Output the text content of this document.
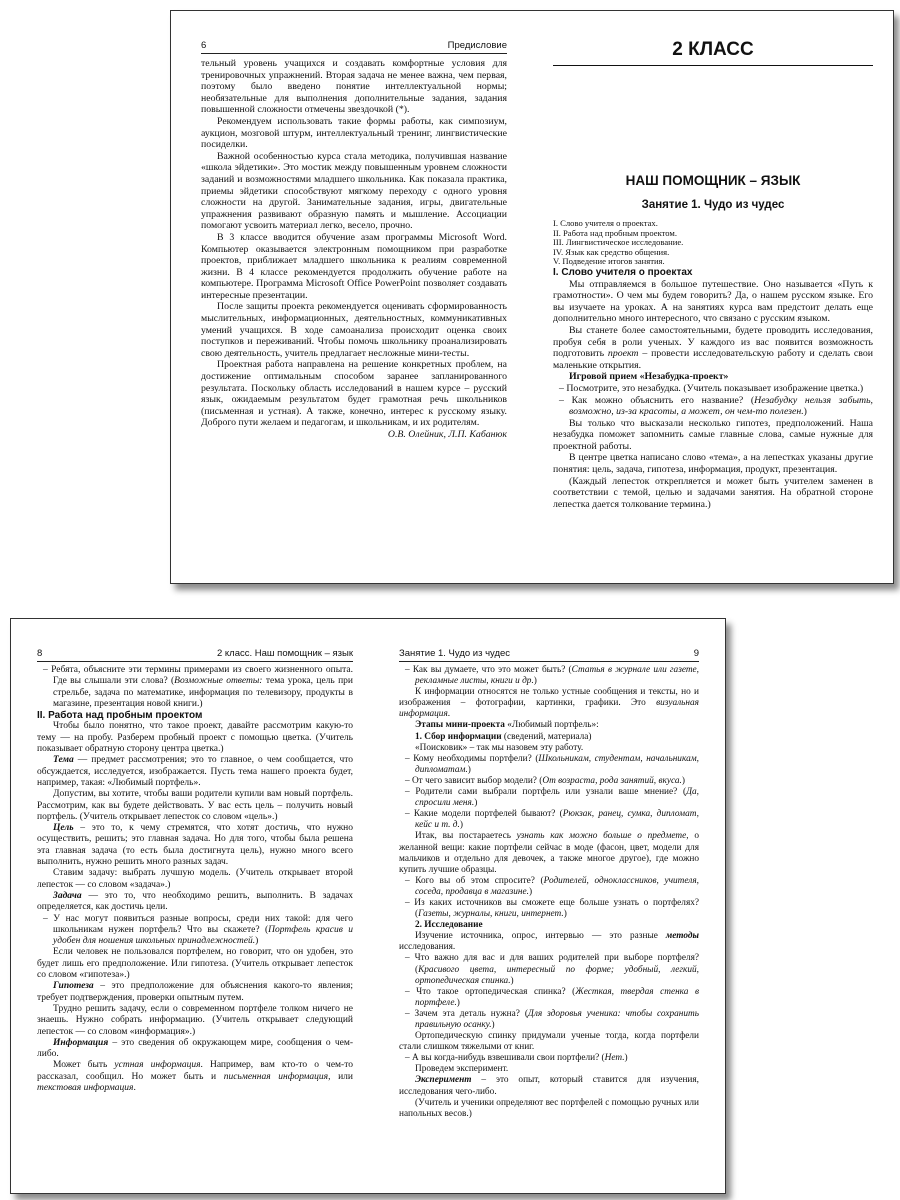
6	Предисловие

тельный уровень учащихся и создавать комфортные условия для тренировочных упражнений. Вторая задача не менее важна, чем первая, поэтому было введено понятие интеллектуальной нормы; необязательные для выполнения дополнительные задания, задания повышенной сложности отмечены звездочкой (*).

Рекомендуем использовать такие формы работы, как симпозиум, аукцион, мозговой штурм, интеллектуальный тренинг, лингвистические посиделки.

Важной особенностью курса стала методика, получившая название «школа эйдетики». Это мостик между повышенным уровнем сложности заданий и возможностями младшего школьника. Как показала практика, приемы эйдетики способствуют мягкому переходу с одного уровня сложности на другой. Занимательные задания, игры, двигательные упражнения развивают образную память и мышление. Ассоциации помогают усвоить материал легко, весело, прочно.

В 3 классе вводится обучение азам программы Microsoft Word. Компьютер оказывается электронным помощником при разработке проектов, приближает младшего школьника к реалиям современной жизни. В 4 классе рекомендуется продолжить обучение работе на компьютере. Программа Microsoft Office PowerPoint позволяет создавать интересные презентации.

После защиты проекта рекомендуется оценивать сформированность мыслительных, информационных, деятельностных, коммуникативных умений учащихся. В ходе самоанализа происходит оценка своих поступков и переживаний. Чтобы помочь школьнику проанализировать свою деятельность, учитель предлагает несложные мини-тесты.

Проектная работа направлена на решение конкретных проблем, на достижение оптимальным способом заранее запланированного результата. Поскольку область исследований в нашем курсе – русский язык, ожидаемым результатом будет грамотная речь школьников (письменная и устная). А также, конечно, интерес к русскому языку. Доброго пути желаем и педагогам, и школьникам, и их родителям.

О.В. Олейник, Л.П. Кабанюк

2 КЛАСС
НАШ ПОМОЩНИК – ЯЗЫК
Занятие 1. Чудо из чудес

I. Слово учителя о проектах.

II. Работа над пробным проектом.

III. Лингвистическое исследование.

IV. Язык как средство общения.

V. Подведение итогов занятия.

I. Слово учителя о проектах

Мы отправляемся в большое путешествие. Оно называется «Путь к грамотности». О чем мы будем говорить? Да, о нашем русском языке. Его вы изучаете на уроках. А на занятиях курса вам предстоит делать еще дополнительно много интересного, что связано с русским языком.

Вы станете более самостоятельными, будете проводить исследования, пробуя себя в роли ученых. У каждого из вас появится возможность подготовить проект – провести исследовательскую работу и сделать свои маленькие открытия.

Игровой прием «Незабудка-проект»

– Посмотрите, это незабудка. (Учитель показывает изображение цветка.)

– Как можно объяснить его название? (Незабудку нельзя забыть, возможно, из-за красоты, а может, он чем-то полезен.)

Вы только что высказали несколько гипотез, предположений. Наша незабудка поможет запомнить самые главные слова, самые нужные для проектной работы.

В центре цветка написано слово «тема», а на лепестках указаны другие понятия: цель, задача, гипотеза, информация, продукт, презентация.

(Каждый лепесток открепляется и может быть учителем заменен в соответствии с темой, целью и задачами занятия. На обратной стороне лепестка дается толкование термина.)

8	2 класс. Наш помощник – язык

– Ребята, объясните эти термины примерами из своего жизненного опыта. Где вы слышали эти слова? (Возможные ответы: тема урока, цель при стрельбе, задача по математике, информация по телевизору, продукты в магазине, презентация новой книги.)

II. Работа над пробным проектом

Чтобы было понятно, что такое проект, давайте рассмотрим какую-то тему — на пробу. Разберем пробный проект с помощью цветка. (Учитель показывает обратную сторону центра цветка.)

Тема — предмет рассмотрения; это то главное, о чем сообщается, что обсуждается, исследуется, изображается. Пусть тема нашего проекта будет, например, такая: «Любимый портфель».

Допустим, вы хотите, чтобы ваши родители купили вам новый портфель. Рассмотрим, как вы будете действовать. У вас есть цель – получить новый портфель. (Учитель открывает лепесток со словом «цель».)

Цель – это то, к чему стремятся, что хотят достичь, что нужно осуществить, решить; это главная задача. Но для того, чтобы была решена эта главная задача (то есть была достигнута цель), нужно много всего выполнить, нужно решить много разных задач.

Ставим задачу: выбрать лучшую модель. (Учитель открывает второй лепесток — со словом «задача».)

Задача — это то, что необходимо решить, выполнить. В задачах определяется, как достичь цели.

– У нас могут появиться разные вопросы, среди них такой: для чего школьникам нужен портфель? Что вы скажете? (Портфель красив и удобен для ношения школьных принадлежностей.)

Если человек не пользовался портфелем, но говорит, что он удобен, это будет лишь его предположение. Или гипотеза. (Учитель открывает лепесток со словом «гипотеза».)

Гипотеза – это предположение для объяснения какого-то явления; требует подтверждения, проверки опытным путем.

Трудно решить задачу, если о современном портфеле толком ничего не знаешь. Нужно собрать информацию. (Учитель открывает следующий лепесток — со словом «информация».)

Информация – это сведения об окружающем мире, сообщения о чем-либо.

Может быть устная информация. Например, вам кто-то о чем-то рассказал, сообщил. Но может быть и письменная информация, или текстовая информация.

Занятие 1. Чудо из чудес	9

– Как вы думаете, что это может быть? (Статья в журнале или газете, рекламные листы, книги и др.)

К информации относятся не только устные сообщения и тексты, но и изображения – фотографии, картинки, графики. Это визуальная информация.

Этапы мини-проекта «Любимый портфель»:

1. Сбор информации (сведений, материала)

«Поисковик» – так мы назовем эту работу.

– Кому необходимы портфели? (Школьникам, студентам, начальникам, дипломатам.)

– От чего зависит выбор модели? (От возраста, рода занятий, вкуса.)

– Родители сами выбрали портфель или узнали ваше мнение? (Да, спросили меня.)

– Какие модели портфелей бывают? (Рюкзак, ранец, сумка, дипломат, кейс и т. д.)

Итак, вы постараетесь узнать как можно больше о предмете, о желанной вещи: какие портфели сейчас в моде (фасон, цвет, модели для мальчиков и отдельно для девочек, а также многое другое), где можно купить лучшие образцы.

– Кого вы об этом спросите? (Родителей, одноклассников, учителя, соседа, продавца в магазине.)

– Из каких источников вы сможете еще больше узнать о портфелях? (Газеты, журналы, книги, интернет.)

2. Исследование

Изучение источника, опрос, интервью — это разные методы исследования.

– Что важно для вас и для ваших родителей при выборе портфеля? (Красивого цвета, интересный по форме; удобный, легкий, ортопедическая спинка.)

– Что такое ортопедическая спинка? (Жесткая, твердая стенка в портфеле.)

– Зачем эта деталь нужна? (Для здоровья ученика: чтобы сохранить правильную осанку.)

Ортопедическую спинку придумали ученые тогда, когда портфели стали слишком тяжелыми от книг.

– А вы когда-нибудь взвешивали свои портфели? (Нет.)

Проведем эксперимент.

Эксперимент – это опыт, который ставится для изучения, исследования чего-либо.

(Учитель и ученики определяют вес портфелей с помощью ручных или напольных весов.)
